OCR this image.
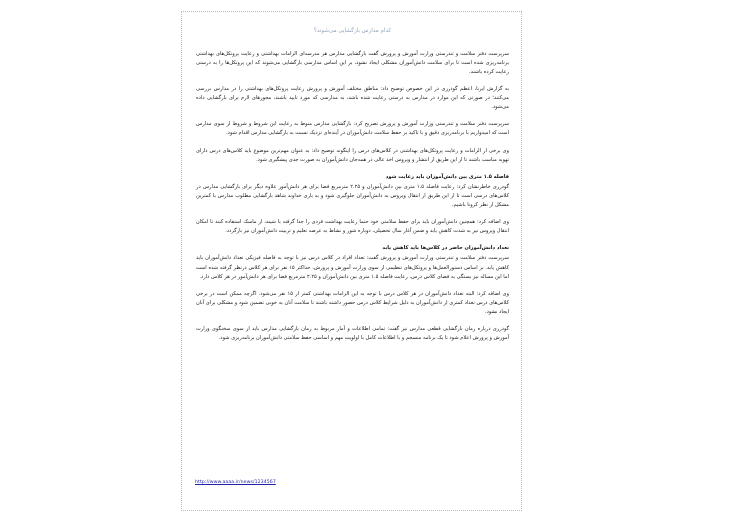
کدام مدارس بازگشایی می‌شوند؟

سرپرست دفتر سلامت و تندرستی وزارت آموزش و پرورش گفت بازگشایی مدارس هر مدرسه‌ای الزامات بهداشتی و رعایت پروتکل‌های بهداشتی برنامه‌ریزی شده است تا برای سلامت دانش‌آموزان مشکلی ایجاد نشود، بر این اساس مدارسی بازگشایی می‌شوند که این پروتکل‌ها را به درستی رعایت کرده باشند.

به گزارش ایرنا، اعظم گودرزی در این خصوص توضیح داد: مناطق مختلف آموزش و پرورش رعایت پروتکل‌های بهداشتی را در مدارس بررسی می‌کنند؛ در صورتی که این موارد در مدارس به درستی رعایت شده باشد، به مدارسی که مورد تایید باشند، مجوزهای لازم برای بازگشایی داده می‌شود.

سرپرست دفتر سلامت و تندرستی وزارت آموزش و پرورش تصریح کرد: بازگشایی مدارس منوط به رعایت این شروط و شروط از سوی مدارس است که امیدواریم با برنامه‌ریزی دقیق و با تاکید بر حفظ سلامت دانش‌آموزان در آینده‌ای نزدیک نسبت به بازگشایی مدارس اقدام شود.

وی برخی از الزامات و رعایت پروتکل‌های بهداشتی در کلاس‌های درس را اینگونه توضیح داد: به عنوان مهم‌ترین موضوع باید کلاس‌های درس دارای تهویه مناسب باشند تا از این طریق از انتشار و ویروس اخذ عالی در همه‌جان دانش‌آموزان به صورت جدی پیشگیری شود.

فاصله ۱.۵ متری بین دانش‌آموزان باید رعایت شود

گودرزی خاطرنشان کرد: رعایت فاصله ۱.۵ متری بین دانش‌آموزان و ۲.۲۵ مترمربع فضا برای هر دانش‌آموز علاوه دیگر برای بازگشایی مدارس در کلاس‌های درسی است تا از این طریق از انتقال ویروس به دانش‌آموزان جلوگیری شود و به یاری خداوند شاهد بازگشایی مطلوب مدارس با کمترین مشکل از نظر کرونا باشیم.

وی اضافه کرد: همچنین دانش‌آموزان باید برای حفظ سلامتی خود حتما رعایت بهداشت فردی را جدا گرفته با شیند، از ماسک استفاده کنند تا امکان انتقال ویروس نیز به شدت کاهش یابد و ضمن آغاز سال تحصیلی، دوباره شور و نشاط به عرصه تعلیم و تربیت دانش‌آموزان نیز بازگردد.

تعداد دانش‌آموزان حاضر در کلاس‌ها باید کاهش یابد

سرپرست دفتر سلامت و تندرستی وزارت آموزش و پرورش گفت: تعداد افراد در کلاس درس نیز با توجه به فاصله فیزیکی تعداد دانش‌آموزان باید کاهش یابد. بر اساس دستورالعمل‌ها و پروتکل‌های تنظیمی از سوی وزارت آموزش و پرورش، حداکثر ۱۵ نفر برای هر کلاس درنظر گرفته شده است اما این مساله نیز بستگی به فضای کلاس درس، رعایت فاصله ۱.۵ متری بین دانش‌آموزان و ۲.۲۵ مترمربع فضا برای هر دانش‌آموز در هر کلاس دارد.

وی اضافه کرد: البته تعداد دانش‌آموزان در هر کلاس درس با توجه به این الزامات بهداشتی کمتر از ۱۵ نفر می‌شود. اگرچه ممکن است در برخی کلاس‌های درس تعداد کمتری از دانش‌آموزان به دلیل شرایط کلاس درس حضور داشته باشند تا سلامت آنان به خوبی تضمین شود و مشکلی برای آنان ایجاد نشود.

گودرزی درباره زمان بازگشایی قطعی مدارس نیز گفت: تمامی اطلاعات و آمار مربوط به زمان بازگشایی مدارس باید از سوی سخنگوی وزارت آموزش و پرورش اعلام شود تا یک برنامه منسجم و با اطلاعات کامل با اولویت مهم و اساسی حفظ سلامتی دانش‌آموزان برنامه‌ریزی شود.

http://www.aaaa.ir/news/1234567
